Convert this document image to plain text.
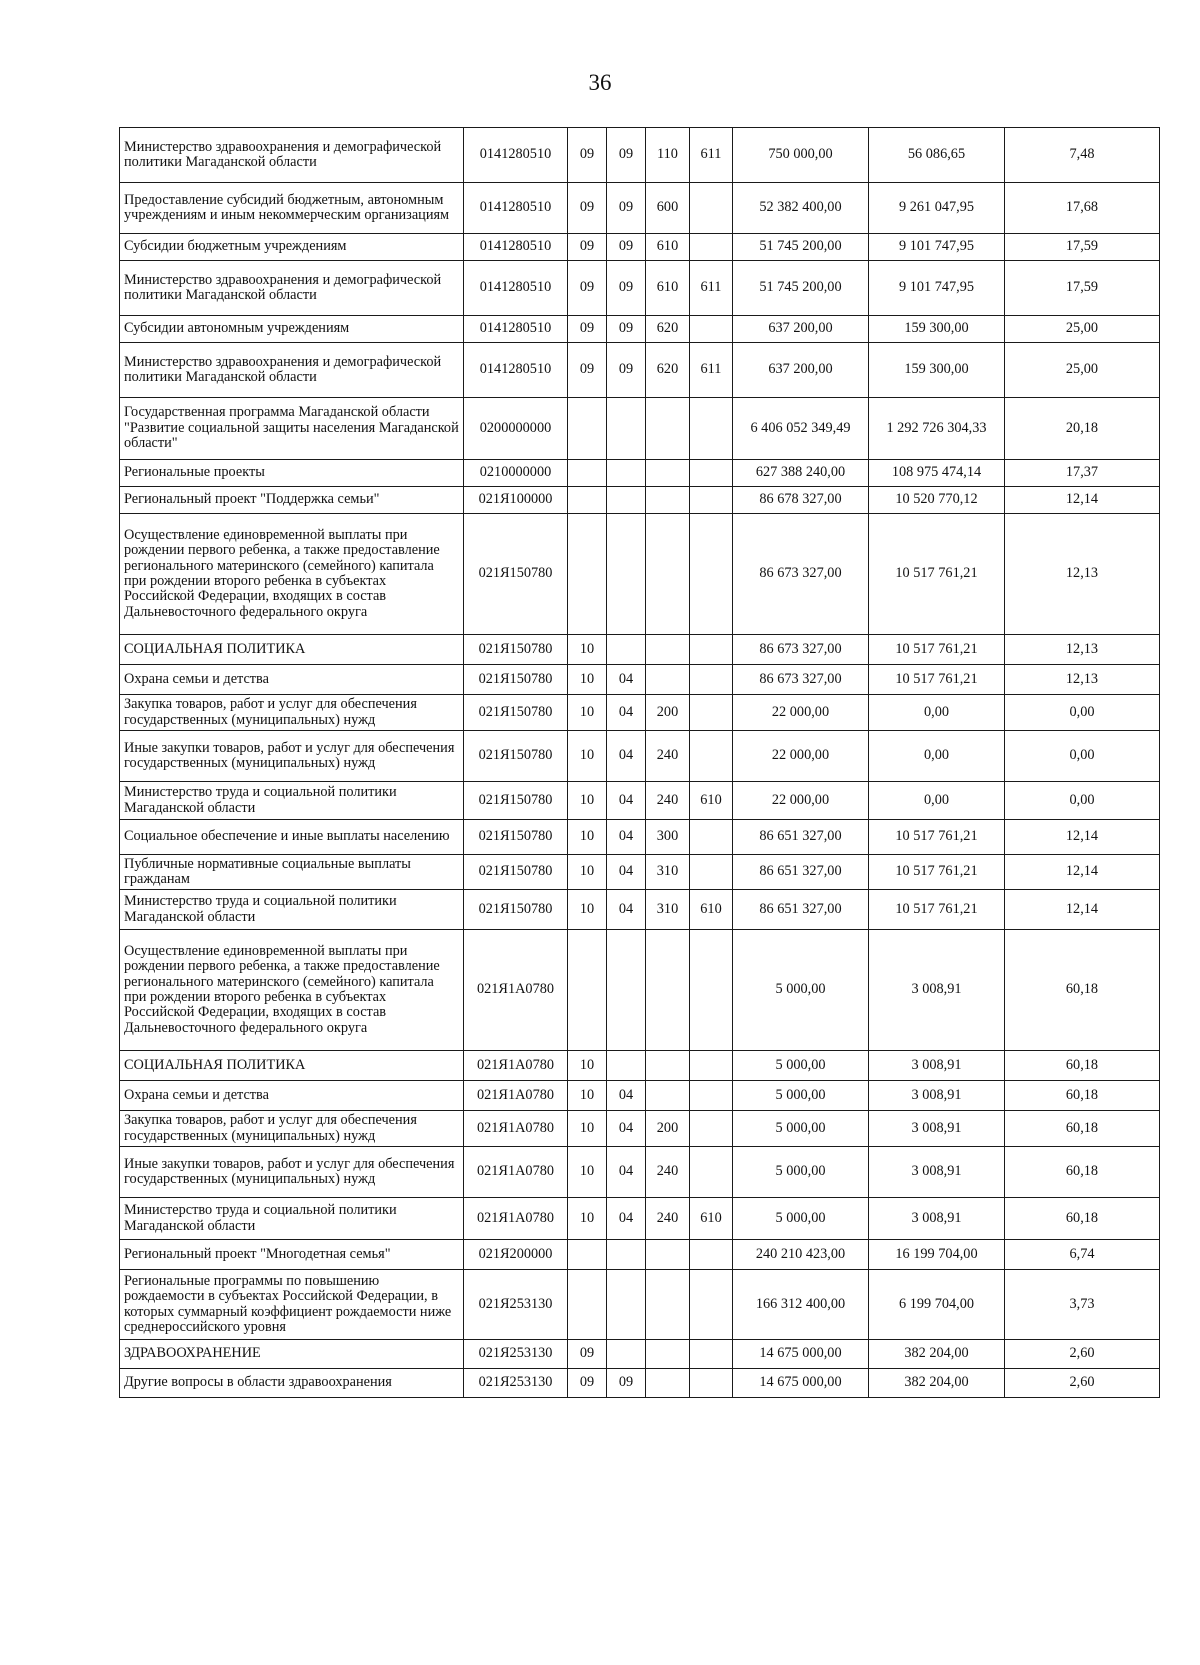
36
Министерство здравоохранения и демографической политики Магаданской области	0141280510	09	09	110	611	750 000,00	56 086,65	7,48
Предоставление субсидий бюджетным, автономным учреждениям и иным некоммерческим организациям	0141280510	09	09	600		52 382 400,00	9 261 047,95	17,68
Субсидии бюджетным учреждениям	0141280510	09	09	610		51 745 200,00	9 101 747,95	17,59
Министерство здравоохранения и демографической политики Магаданской области	0141280510	09	09	610	611	51 745 200,00	9 101 747,95	17,59
Субсидии автономным учреждениям	0141280510	09	09	620		637 200,00	159 300,00	25,00
Министерство здравоохранения и демографической политики Магаданской области	0141280510	09	09	620	611	637 200,00	159 300,00	25,00
Государственная программа Магаданской области "Развитие социальной защиты населения Магаданской области"	0200000000					6 406 052 349,49	1 292 726 304,33	20,18
Региональные проекты	0210000000					627 388 240,00	108 975 474,14	17,37
Региональный проект "Поддержка семьи"	021Я100000					86 678 327,00	10 520 770,12	12,14
Осуществление единовременной выплаты при рождении первого ребенка, а также предоставление регионального материнского (семейного) капитала при рождении второго ребенка в субъектах Российской Федерации, входящих в состав Дальневосточного федерального округа	021Я150780					86 673 327,00	10 517 761,21	12,13
СОЦИАЛЬНАЯ ПОЛИТИКА	021Я150780	10				86 673 327,00	10 517 761,21	12,13
Охрана семьи и детства	021Я150780	10	04			86 673 327,00	10 517 761,21	12,13
Закупка товаров, работ и услуг для обеспечения государственных (муниципальных) нужд	021Я150780	10	04	200		22 000,00	0,00	0,00
Иные закупки товаров, работ и услуг для обеспечения государственных (муниципальных) нужд	021Я150780	10	04	240		22 000,00	0,00	0,00
Министерство труда и социальной политики Магаданской области	021Я150780	10	04	240	610	22 000,00	0,00	0,00
Социальное обеспечение и иные выплаты населению	021Я150780	10	04	300		86 651 327,00	10 517 761,21	12,14
Публичные нормативные социальные выплаты гражданам	021Я150780	10	04	310		86 651 327,00	10 517 761,21	12,14
Министерство труда и социальной политики Магаданской области	021Я150780	10	04	310	610	86 651 327,00	10 517 761,21	12,14
Осуществление единовременной выплаты при рождении первого ребенка, а также предоставление регионального материнского (семейного) капитала при рождении второго ребенка в субъектах Российской Федерации, входящих в состав Дальневосточного федерального округа	021Я1А0780					5 000,00	3 008,91	60,18
СОЦИАЛЬНАЯ ПОЛИТИКА	021Я1А0780	10				5 000,00	3 008,91	60,18
Охрана семьи и детства	021Я1А0780	10	04			5 000,00	3 008,91	60,18
Закупка товаров, работ и услуг для обеспечения государственных (муниципальных) нужд	021Я1А0780	10	04	200		5 000,00	3 008,91	60,18
Иные закупки товаров, работ и услуг для обеспечения государственных (муниципальных) нужд	021Я1А0780	10	04	240		5 000,00	3 008,91	60,18
Министерство труда и социальной политики Магаданской области	021Я1А0780	10	04	240	610	5 000,00	3 008,91	60,18
Региональный проект "Многодетная семья"	021Я200000					240 210 423,00	16 199 704,00	6,74
Региональные программы по повышению рождаемости в субъектах Российской Федерации, в которых суммарный коэффициент рождаемости ниже среднероссийского уровня	021Я253130					166 312 400,00	6 199 704,00	3,73
ЗДРАВООХРАНЕНИЕ	021Я253130	09				14 675 000,00	382 204,00	2,60
Другие вопросы в области здравоохранения	021Я253130	09	09			14 675 000,00	382 204,00	2,60
